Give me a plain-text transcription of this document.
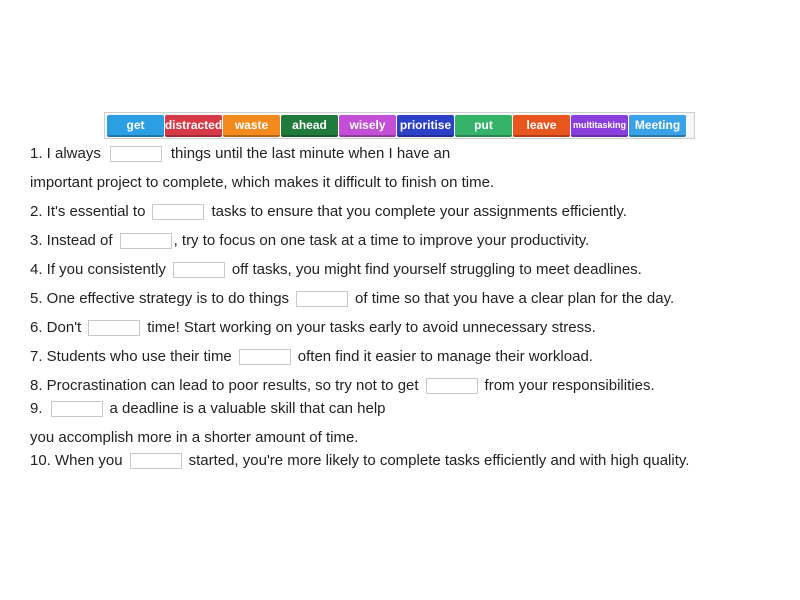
get	distracted	waste	ahead	wisely	prioritise	put	leave	multitasking Meeting
1. I always	things until the last minute when I have an
important project to complete, which makes it difficult to finish on time.
2. It's essential to	tasks to ensure that you complete your assignments efficiently.
3. Instead of	, try to focus on one task at a time to improve your productivity.
4. If you consistently	off tasks, you might find yourself struggling to meet deadlines.
5. One effective strategy is to do things	of time so that you have a clear plan for the day.
6. Don't	time! Start working on your tasks early to avoid unnecessary stress.
7. Students who use their time	often find it easier to manage their workload.
8. Procrastination can lead to poor results, so try not to get	from your responsibilities.
9.	a deadline is a valuable skill that can help
you accomplish more in a shorter amount of time.
10. When you	started, you're more likely to complete tasks efficiently and with high quality.
